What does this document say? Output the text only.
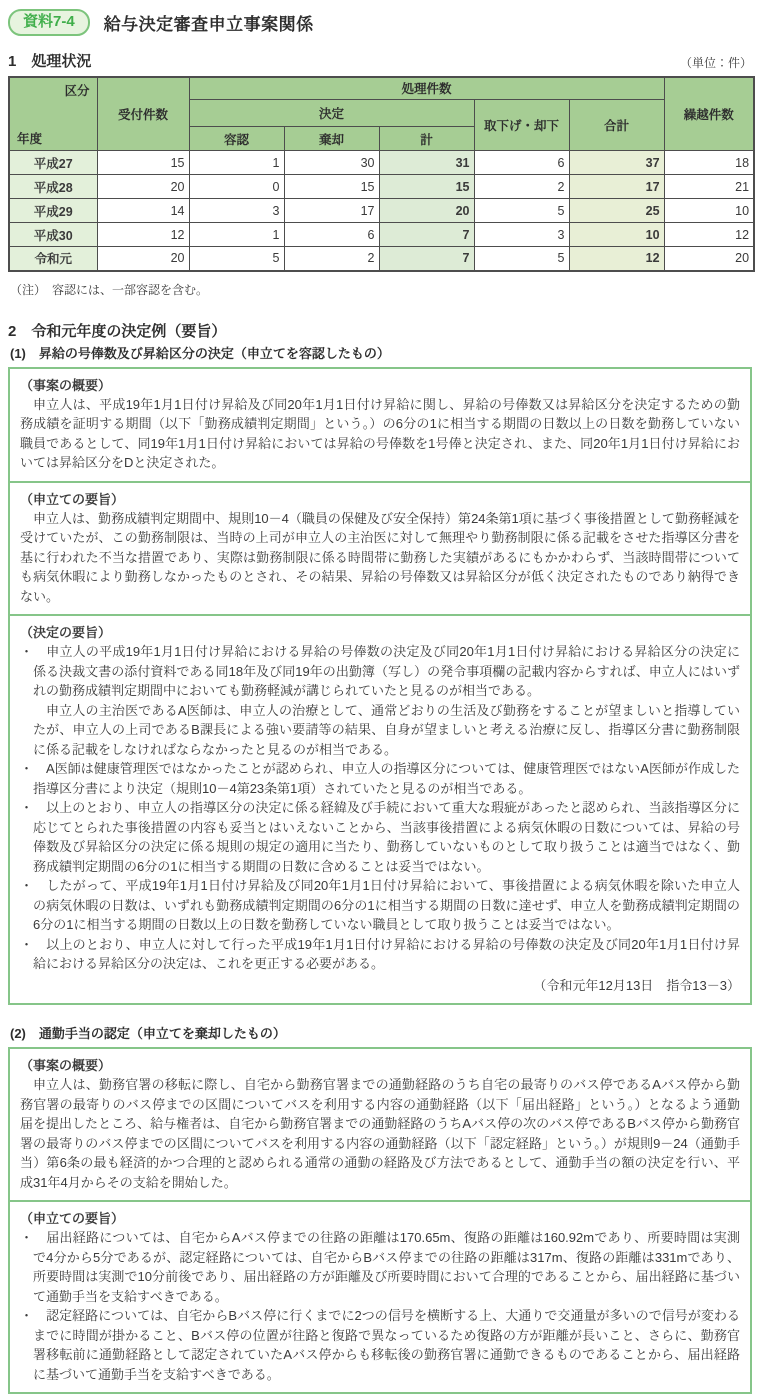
資料7-4	給与決定審査申立事案関係
1　処理状況	（単位：件）
区分
年度	受付件数	処理件数					繰越件数
		決定			取下げ・却下	合計	
		容認	棄却	計			
平成27	15	1	30	31	6	37	18
平成28	20	0	15	15	2	17	21
平成29	14	3	17	20	5	25	10
平成30	12	1	6	7	3	10	12
令和元	20	5	2	7	5	12	20
（注）　容認には、一部容認を含む。
2　令和元年度の決定例（要旨）
(1)　昇給の号俸数及び昇給区分の決定（申立てを容認したもの）
（事案の概要）

申立人は、平成19年1月1日付け昇給及び同20年1月1日付け昇給に関し、昇給の号俸数又は昇給区分を決定するための勤務成績を証明する期間（以下「勤務成績判定期間」という。）の6分の1に相当する期間の日数以上の日数を勤務していない職員であるとして、同19年1月1日付け昇給においては昇給の号俸数を1号俸と決定され、また、同20年1月1日付け昇給においては昇給区分をDと決定された。

（申立ての要旨）

申立人は、勤務成績判定期間中、規則10－4（職員の保健及び安全保持）第24条第1項に基づく事後措置として勤務軽減を受けていたが、この勤務制限は、当時の上司が申立人の主治医に対して無理やり勤務制限に係る記載をさせた指導区分書を基に行われた不当な措置であり、実際は勤務制限に係る時間帯に勤務した実績があるにもかかわらず、当該時間帯についても病気休暇により勤務しなかったものとされ、その結果、昇給の号俸数又は昇給区分が低く決定されたものであり納得できない。

（決定の要旨）
・ 申立人の平成19年1月1日付け昇給における昇給の号俸数の決定及び同20年1月1日付け昇給における昇給区分の決定に係る決裁文書の添付資料である同18年及び同19年の出勤簿（写し）の発令事項欄の記載内容からすれば、申立人にはいずれの勤務成績判定期間中においても勤務軽減が講じられていたと見るのが相当である。
申立人の主治医であるA医師は、申立人の治療として、通常どおりの生活及び勤務をすることが望ましいと指導していたが、申立人の上司であるB課長による強い要請等の結果、自身が望ましいと考える治療に反し、指導区分書に勤務制限に係る記載をしなければならなかったと見るのが相当である。
・ A医師は健康管理医ではなかったことが認められ、申立人の指導区分については、健康管理医ではないA医師が作成した指導区分書により決定（規則10－4第23条第1項）されていたと見るのが相当である。
・ 以上のとおり、申立人の指導区分の決定に係る経緯及び手続において重大な瑕疵があったと認められ、当該指導区分に応じてとられた事後措置の内容も妥当とはいえないことから、当該事後措置による病気休暇の日数については、昇給の号俸数及び昇給区分の決定に係る規則の規定の適用に当たり、勤務していないものとして取り扱うことは適当ではなく、勤務成績判定期間の6分の1に相当する期間の日数に含めることは妥当ではない。
・ したがって、平成19年1月1日付け昇給及び同20年1月1日付け昇給において、事後措置による病気休暇を除いた申立人の病気休暇の日数は、いずれも勤務成績判定期間の6分の1に相当する期間の日数に達せず、申立人を勤務成績判定期間の6分の1に相当する期間の日数以上の日数を勤務していない職員として取り扱うことは妥当ではない。
・ 以上のとおり、申立人に対して行った平成19年1月1日付け昇給における昇給の号俸数の決定及び同20年1月1日付け昇給における昇給区分の決定は、これを更正する必要がある。
（令和元年12月13日　指令13－3）
(2)　通勤手当の認定（申立てを棄却したもの）
（事案の概要）

申立人は、勤務官署の移転に際し、自宅から勤務官署までの通勤経路のうち自宅の最寄りのバス停であるAバス停から勤務官署の最寄りのバス停までの区間についてバスを利用する内容の通勤経路（以下「届出経路」という。）となるよう通勤届を提出したところ、給与権者は、自宅から勤務官署までの通勤経路のうちAバス停の次のバス停であるBバス停から勤務官署の最寄りのバス停までの区間についてバスを利用する内容の通勤経路（以下「認定経路」という。）が規則9－24（通勤手当）第6条の最も経済的かつ合理的と認められる通常の通勤の経路及び方法であるとして、通勤手当の額の決定を行い、平成31年4月からその支給を開始した。

（申立ての要旨）
・ 届出経路については、自宅からAバス停までの往路の距離は170.65m、復路の距離は160.92mであり、所要時間は実測で4分から5分であるが、認定経路については、自宅からBバス停までの往路の距離は317m、復路の距離は331mであり、所要時間は実測で10分前後であり、届出経路の方が距離及び所要時間において合理的であることから、届出経路に基づいて通勤手当を支給すべきである。
・ 認定経路については、自宅からBバス停に行くまでに2つの信号を横断する上、大通りで交通量が多いので信号が変わるまでに時間が掛かること、Bバス停の位置が往路と復路で異なっているため復路の方が距離が長いこと、さらに、勤務官署移転前に通勤経路として認定されていたAバス停からも移転後の勤務官署に通勤できるものであることから、届出経路に基づいて通勤手当を支給すべきである。
